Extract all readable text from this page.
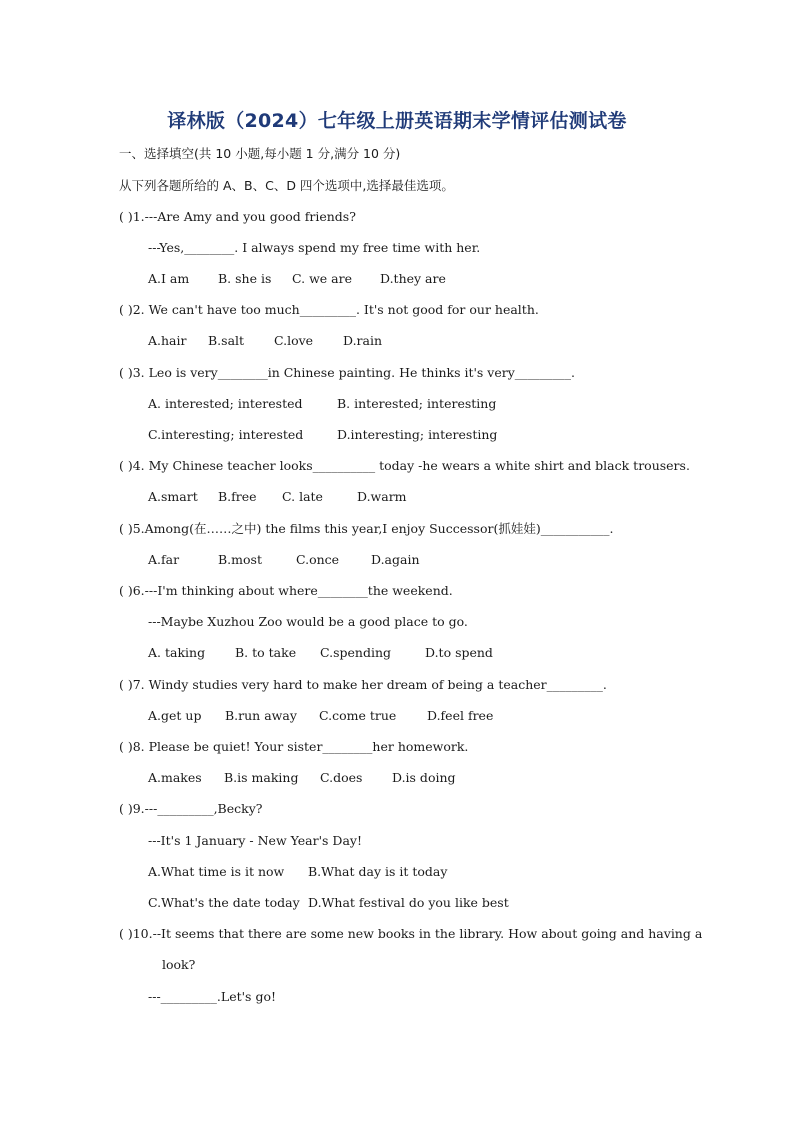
译林版（2024）七年级上册英语期末学情评估测试卷
一、选择填空(共 10 小题,每小题 1 分,满分 10 分)
从下列各题所给的 A、B、C、D 四个选项中,选择最佳选项。
( )1.---Are Amy and you good friends?
---Yes,________. I always spend my free time with her.
A.I am B. she is C. we are D.they are
( )2. We can't have too much_________. It's not good for our health.
A.hair B.salt C.love D.rain
( )3. Leo is very________in Chinese painting. He thinks it's very_________.
A. interested; interested	B. interested; interesting
C.interesting; interested	D.interesting; interesting
( )4. My Chinese teacher looks__________ today -he wears a white shirt and black trousers.
A.smart B.free C. late	D.warm
( )5.Among(在……之中) the films this year,I enjoy Successor(抓娃娃)___________.
A.far	B.most	C.once	D.again
( )6.---I'm thinking about where________the weekend.
---Maybe Xuzhou Zoo would be a good place to go.
A. taking B. to take C.spending	D.to spend
( )7. Windy studies very hard to make her dream of being a teacher_________.
A.get up B.run away C.come true D.feel free
( )8. Please be quiet! Your sister________her homework.
A.makes B.is making C.does D.is doing
( )9.---_________,Becky?
---It's 1 January - New Year's Day!
A.What time is it now B.What day is it today
C.What's the date today D.What festival do you like best
( )10.--It seems that there are some new books in the library. How about going and having a
look?
---_________.Let's go!
